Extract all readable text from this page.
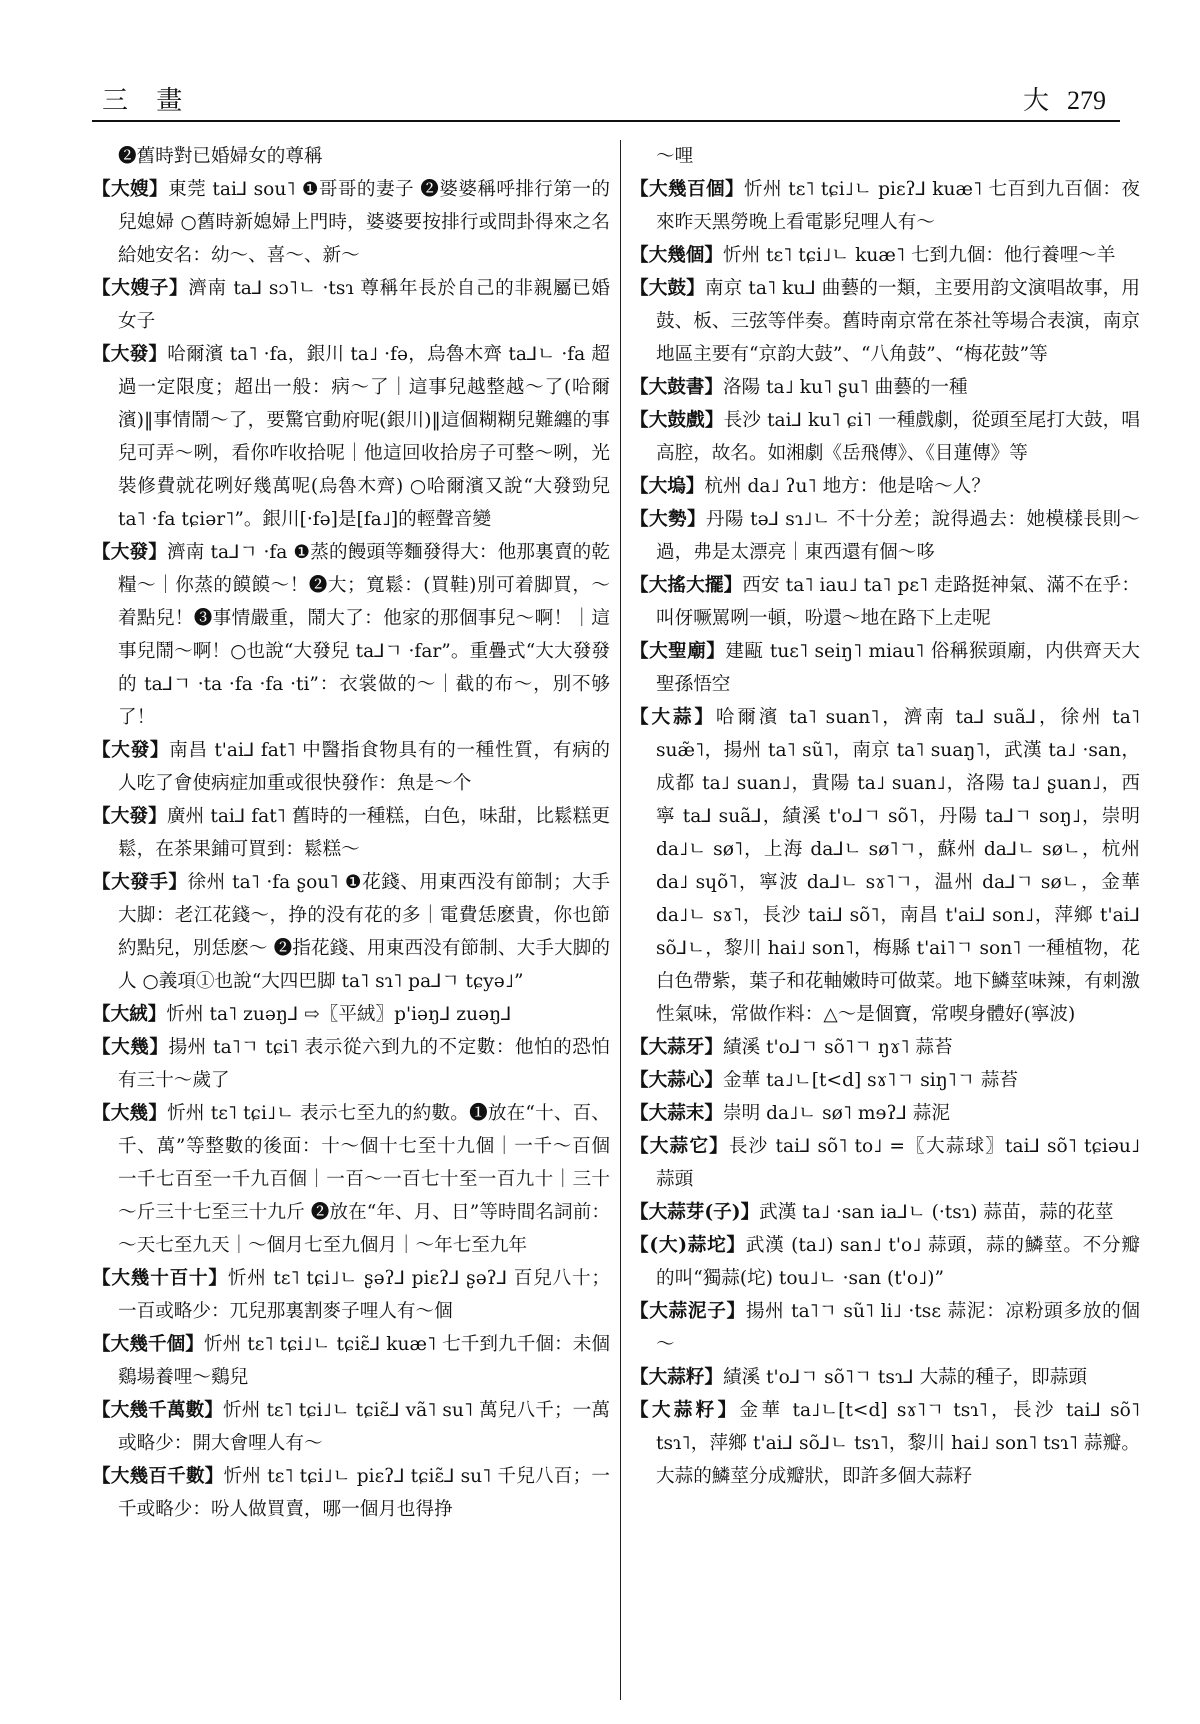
三 畫	大 279

❷舊時對已婚婦女的尊稱

【大嫂】東莞 tai⅃ sou˥ ❶哥哥的妻子 ❷婆婆稱呼排行第一的兒媳婦 ○舊時新媳婦上門時，婆婆要按排行或問卦得來之名給她安名：幼～、喜～、新～

【大嫂子】濟南 ta⅃ sɔ˥ㄴ ·tsɿ 尊稱年長於自己的非親屬已婚女子

【大發】哈爾濱 ta˥ ·fa，銀川 ta˩ ·fə，烏魯木齊 ta⅃ㄴ ·fa 超過一定限度；超出一般：病～了｜這事兒越整越～了(哈爾濱)‖事情鬧～了，要驚官動府呢(銀川)‖這個糊糊兒難纏的事兒可弄～咧，看你咋收拾呢｜他這回收拾房子可整～咧，光裝修費就花咧好幾萬呢(烏魯木齊) ○哈爾濱又說“大發勁兒 ta˥ ·fa tɕiər˥”。銀川[·fə]是[fa˩]的輕聲音變

【大發】濟南 ta⅃ㄱ ·fa ❶蒸的饅頭等麵發得大：他那裏賣的乾糧～｜你蒸的饃饃～！❷大；寬鬆：(買鞋)別可着脚買，～着點兒！❸事情嚴重，鬧大了：他家的那個事兒～啊！｜這事兒鬧～啊！○也說“大發兒 ta⅃ㄱ ·far”。重疊式“大大發發的 ta⅃ㄱ ·ta ·fa ·fa ·ti”：衣裳做的～｜截的布～，別不够了！

【大發】南昌 t'ai⅃ fat˥ 中醫指食物具有的一種性質，有病的人吃了會使病症加重或很快發作：魚是～个

【大發】廣州 tai⅃ fat˥ 舊時的一種糕，白色，味甜，比鬆糕更鬆，在茶果鋪可買到：鬆糕～

【大發手】徐州 ta˥ ·fa ʂou˥ ❶花錢、用東西没有節制；大手大脚：老江花錢～，挣的没有花的多｜電費恁麽貴，你也節約點兒，別恁麽～ ❷指花錢、用東西没有節制、大手大脚的人 ○義項①也說“大四巴脚 ta˥ sɿ˥ pa⅃ㄱ tɕyə˩”

【大絨】忻州 ta˥ zuəŋ⅃ ⇨〖平絨〗p'iəŋ⅃ zuəŋ⅃

【大幾】揚州 ta˥ㄱ tɕi˥ 表示從六到九的不定數：他怕的恐怕有三十～歲了

【大幾】忻州 tɛ˥ tɕi˩ㄴ 表示七至九的約數。❶放在“十、百、千、萬”等整數的後面：十～個十七至十九個｜一千～百個一千七百至一千九百個｜一百～一百七十至一百九十｜三十～斤三十七至三十九斤 ❷放在“年、月、日”等時間名詞前：～天七至九天｜～個月七至九個月｜～年七至九年

【大幾十百十】忻州 tɛ˥ tɕi˩ㄴ ʂəʔ⅃ piɛʔ⅃ ʂəʔ⅃ 百兒八十；一百或略少：兀兒那裏割麥子哩人有～個

【大幾千個】忻州 tɛ˥ tɕi˩ㄴ tɕiɛ̃⅃ kuæ˥ 七千到九千個：未個鷄場養哩～鷄兒

【大幾千萬數】忻州 tɛ˥ tɕi˩ㄴ tɕiɛ̃⅃ vã˥ su˥ 萬兒八千；一萬或略少：開大會哩人有～

【大幾百千數】忻州 tɛ˥ tɕi˩ㄴ piɛʔ⅃ tɕiɛ̃⅃ su˥ 千兒八百；一千或略少：吩人做買賣，哪一個月也得挣

～哩

【大幾百個】忻州 tɛ˥ tɕi˩ㄴ piɛʔ⅃ kuæ˥ 七百到九百個：夜來昨天黑勞晚上看電影兒哩人有～

【大幾個】忻州 tɛ˥ tɕi˩ㄴ kuæ˥ 七到九個：他行養哩～羊

【大鼓】南京 ta˥ ku⅃ 曲藝的一類，主要用韵文演唱故事，用鼓、板、三弦等伴奏。舊時南京常在茶社等場合表演，南京地區主要有“京韵大鼓”、“八角鼓”、“梅花鼓”等

【大鼓書】洛陽 ta˩ ku˥ ʂu˥ 曲藝的一種

【大鼓戲】長沙 tai⅃ ku˥ ɕi˥ 一種戲劇，從頭至尾打大鼓，唱高腔，故名。如湘劇《岳飛傳》、《目蓮傳》等

【大塢】杭州 da˩ ʔu˥ 地方：他是啥～人？

【大勢】丹陽 tə⅃ sɿ˩ㄴ 不十分差；說得過去：她模樣長則～過，弗是太漂亮｜東西還有個～哆

【大搖大擺】西安 ta˥ iau˩ ta˥ pɛ˥ 走路挺神氣、滿不在乎：叫伢噘罵咧一頓，吩還～地在路下上走呢

【大聖廟】建甌 tuɛ˥ seiŋ˥ miau˥ 俗稱猴頭廟，内供齊天大聖孫悟空

【大蒜】哈爾濱 ta˥ suan˥，濟南 ta⅃ suã⅃，徐州 ta˥ suæ̃˥，揚州 ta˥ sũ˥，南京 ta˥ suaŋ˥，武漢 ta˩ ·san，成都 ta˩ suan˩，貴陽 ta˩ suan˩，洛陽 ta˩ ʂuan˩，西寧 ta⅃ suã⅃，績溪 t'o⅃ㄱ sõ˥，丹陽 ta⅃ㄱ soŋ˩，崇明 da˩ㄴ sø˥，上海 da⅃ㄴ sø˥ㄱ，蘇州 da⅃ㄴ søㄴ，杭州 da˩ sɥõ˥，寧波 da⅃ㄴ sɤ˥ㄱ，温州 da⅃ㄱ søㄴ，金華 da˩ㄴ sɤ˥，長沙 tai⅃ sõ˥，南昌 t'ai⅃ son˩，萍鄉 t'ai⅃ sõ⅃ㄴ，黎川 hai˩ son˥，梅縣 t'ai˥ㄱ son˥ 一種植物，花白色帶紫，葉子和花軸嫩時可做菜。地下鱗莖味辣，有刺激性氣味，常做作料：△～是個寶，常喫身體好(寧波)

【大蒜牙】績溪 t'o⅃ㄱ sõ˥ㄱ ŋɤ˥ 蒜苔

【大蒜心】金華 ta˩ㄴ[t<d] sɤ˥ㄱ siŋ˥ㄱ 蒜苔

【大蒜末】崇明 da˩ㄴ sø˥ mɘʔ⅃ 蒜泥

【大蒜它】長沙 tai⅃ sõ˥ to˩ =〖大蒜球〗tai⅃ sõ˥ tɕiəu˩ 蒜頭

【大蒜芽(子)】武漢 ta˩ ·san ia⅃ㄴ (·tsɿ) 蒜苗，蒜的花莖

【(大)蒜坨】武漢 (ta˩) san˩ t'o˩ 蒜頭，蒜的鱗莖。不分瓣的叫“獨蒜(坨) tou˩ㄴ ·san (t'o˩)”

【大蒜泥子】揚州 ta˥ㄱ sũ˥ li˩ ·tsɛ 蒜泥：凉粉頭多放的個～

【大蒜籽】績溪 t'o⅃ㄱ sõ˥ㄱ tsɿ⅃ 大蒜的種子，即蒜頭

【大蒜籽】金華 ta˩ㄴ[t<d] sɤ˥ㄱ tsɿ˥，長沙 tai⅃ sõ˥ tsɿ˥，萍鄉 t'ai⅃ sõ⅃ㄴ tsɿ˥，黎川 hai˩ son˥ tsɿ˥ 蒜瓣。大蒜的鱗莖分成瓣狀，即許多個大蒜籽
